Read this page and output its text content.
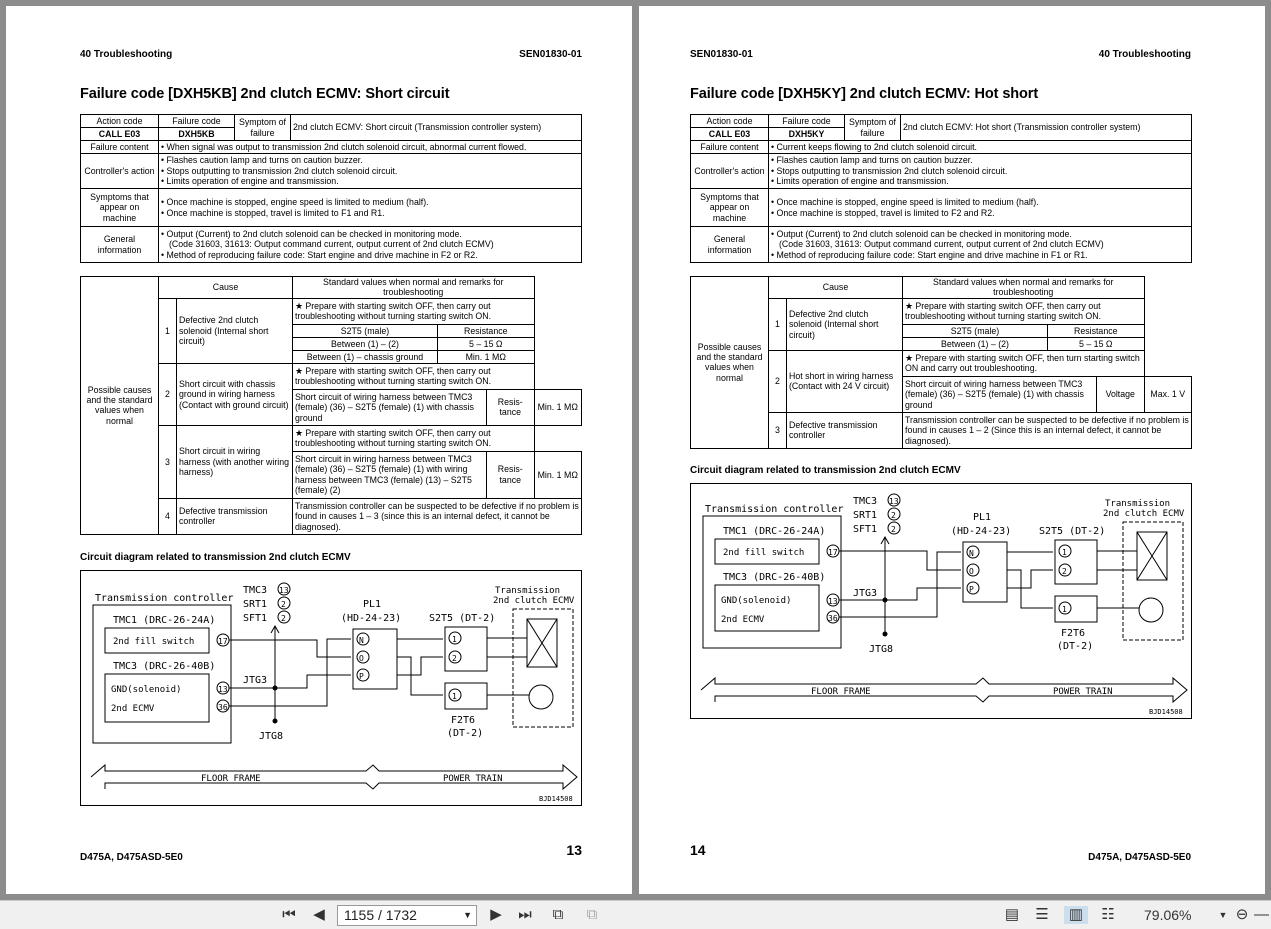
40 Troubleshooting	SEN01830-01
Failure code [DXH5KB] 2nd clutch ECMV: Short circuit
Action code	Failure code	Symptom of failure	2nd clutch ECMV: Short circuit (Transmission controller system)
CALL E03	DXH5KB		
Failure content	• When signal was output to transmission 2nd clutch solenoid circuit, abnormal current flowed.		
Controller's action	• Flashes caution lamp and turns on caution buzzer.
• Stops outputting to transmission 2nd clutch solenoid circuit.
• Limits operation of engine and transmission.		

Symptoms that appear on machine	• Once machine is stopped, engine speed is limited to medium (half).
• Once machine is stopped, travel is limited to F1 and R1.		

General information	• Output (Current) to 2nd clutch solenoid can be checked in monitoring mode.
(Code 31603, 31613: Output command current, output current of 2nd clutch ECMV)
• Method of reproducing failure code: Start engine and drive machine in F2 or R2.		
Possible causes and the standard values when normal	Cause		Standard values when normal and remarks for troubleshooting			
	1	Defective 2nd clutch solenoid (Internal short circuit)	★ Prepare with starting switch OFF, then carry out troubleshooting without turning starting switch ON.			
			S2T5 (male)	Resistance		
			Between (1) – (2)	5 – 15 Ω		
			Between (1) – chassis ground	Min. 1 MΩ		
	2	Short circuit with chassis ground in wiring harness (Contact with ground circuit)	★ Prepare with starting switch OFF, then carry out troubleshooting without turning starting switch ON.			
			Short circuit of wiring harness between TMC3 (female) (36) – S2T5 (female) (1) with chassis ground		Resis- tance	Min. 1 MΩ
	3	Short circuit in wiring harness (with another wiring harness)	★ Prepare with starting switch OFF, then carry out troubleshooting without turning starting switch ON.			
			Short circuit in wiring harness between TMC3 (female) (36) – S2T5 (female) (1) with wiring harness between TMC3 (female) (13) – S2T5 (female) (2)		Resis- tance	Min. 1 MΩ
	4	Defective transmission controller	Transmission controller can be suspected to be defective if no problem is found in causes 1 – 3 (since this is an internal defect, it cannot be diagnosed).			
Circuit diagram related to transmission 2nd clutch ECMV
Transmission controller
TMC1 (DRC-26-24A)
2nd fill switch	17
TMC3 (DRC-26-40B)
GND(solenoid)
2nd ECMV
13
36
TMC3
SRT1
SFT1
13
2
2
JTG3
JTG8
PL1
(HD-24-23)
N
O
P
S2T5 (DT-2)
1
2
1
F2T6
(DT-2)
Transmission
2nd clutch ECMV
FLOOR FRAME	POWER TRAIN
BJD14508
D475A, D475ASD-5E0	13
SEN01830-01	40 Troubleshooting
Failure code [DXH5KY] 2nd clutch ECMV: Hot short
Action code	Failure code	Symptom of failure	2nd clutch ECMV: Hot short (Transmission controller system)
CALL E03	DXH5KY		
Failure content	• Current keeps flowing to 2nd clutch solenoid circuit.		
Controller's action	• Flashes caution lamp and turns on caution buzzer.
• Stops outputting to transmission 2nd clutch solenoid circuit.
• Limits operation of engine and transmission.		

Symptoms that appear on machine	• Once machine is stopped, engine speed is limited to medium (half).
• Once machine is stopped, travel is limited to F2 and R2.		

General information	• Output (Current) to 2nd clutch solenoid can be checked in monitoring mode.
(Code 31603, 31613: Output command current, output current of 2nd clutch ECMV)
• Method of reproducing failure code: Start engine and drive machine in F1 or R1.		
Possible causes and the standard values when normal	Cause		Standard values when normal and remarks for troubleshooting			
	1	Defective 2nd clutch solenoid (Internal short circuit)	★ Prepare with starting switch OFF, then carry out troubleshooting without turning starting switch ON.			
			S2T5 (male)	Resistance		
			Between (1) – (2)	5 – 15 Ω		
	2	Hot short in wiring harness (Contact with 24 V circuit)	★ Prepare with starting switch OFF, then turn starting switch ON and carry out troubleshooting.			
			Short circuit of wiring harness between TMC3 (female) (36) – S2T5 (female) (1) with chassis ground		Voltage	Max. 1 V
	3	Defective transmission controller	Transmission controller can be suspected to be defective if no problem is found in causes 1 – 2 (Since this is an internal defect, it cannot be diagnosed).			
Circuit diagram related to transmission 2nd clutch ECMV
Transmission controller
TMC1 (DRC-26-24A)
2nd fill switch	17
TMC3 (DRC-26-40B)
GND(solenoid)
2nd ECMV
13
36
TMC3
SRT1
SFT1
13
2
2
JTG3
JTG8
PL1
(HD-24-23)
N
O
P
S2T5 (DT-2)
1
2
1
F2T6
(DT-2)
Transmission
2nd clutch ECMV
FLOOR FRAME	POWER TRAIN
BJD14508
14	D475A, D475ASD-5E0
⏮ ◀	1155 / 1732	▼ ▶ ⏭	⧉	⧉	▤ ☰	▥	☷ 79.06%	▼ ⊖ —
